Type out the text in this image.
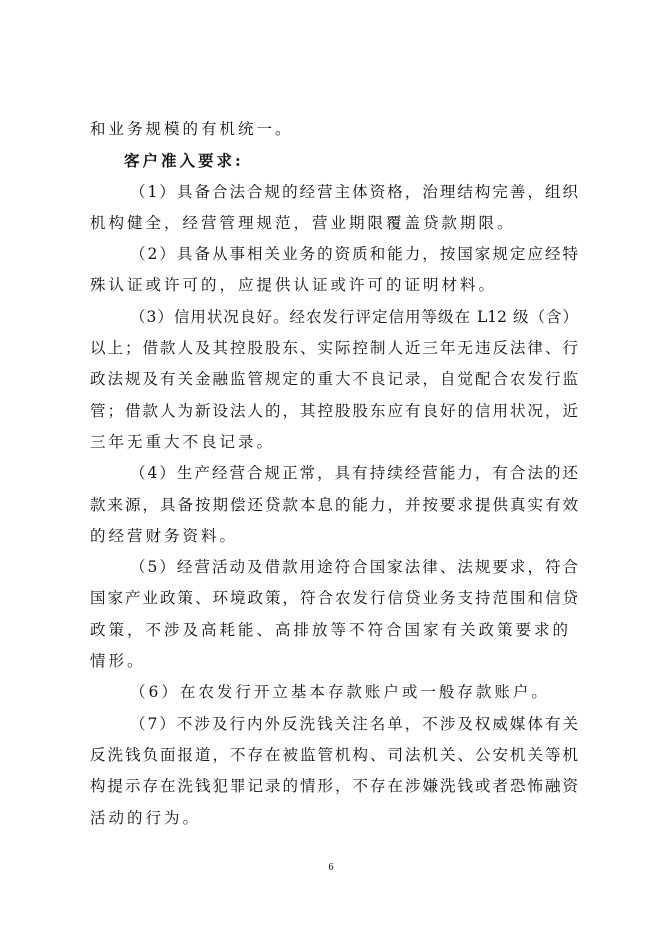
和业务规模的有机统一。
客户准入要求:
（1）具备合法合规的经营主体资格，治理结构完善，组织
机构健全，经营管理规范，营业期限覆盖贷款期限。
（2）具备从事相关业务的资质和能力，按国家规定应经特
殊认证或许可的，应提供认证或许可的证明材料。
（3）信用状况良好。经农发行评定信用等级在 L12 级（含）
以上；借款人及其控股股东、实际控制人近三年无违反法律、行
政法规及有关金融监管规定的重大不良记录，自觉配合农发行监
管；借款人为新设法人的，其控股股东应有良好的信用状况，近
三年无重大不良记录。
（4）生产经营合规正常，具有持续经营能力，有合法的还
款来源，具备按期偿还贷款本息的能力，并按要求提供真实有效
的经营财务资料。
（5）经营活动及借款用途符合国家法律、法规要求，符合
国家产业政策、环境政策，符合农发行信贷业务支持范围和信贷
政策，不涉及高耗能、高排放等不符合国家有关政策要求的情形。
（6）在农发行开立基本存款账户或一般存款账户。
（7）不涉及行内外反洗钱关注名单，不涉及权威媒体有关
反洗钱负面报道，不存在被监管机构、司法机关、公安机关等机
构提示存在洗钱犯罪记录的情形，不存在涉嫌洗钱或者恐怖融资
活动的行为。
6
